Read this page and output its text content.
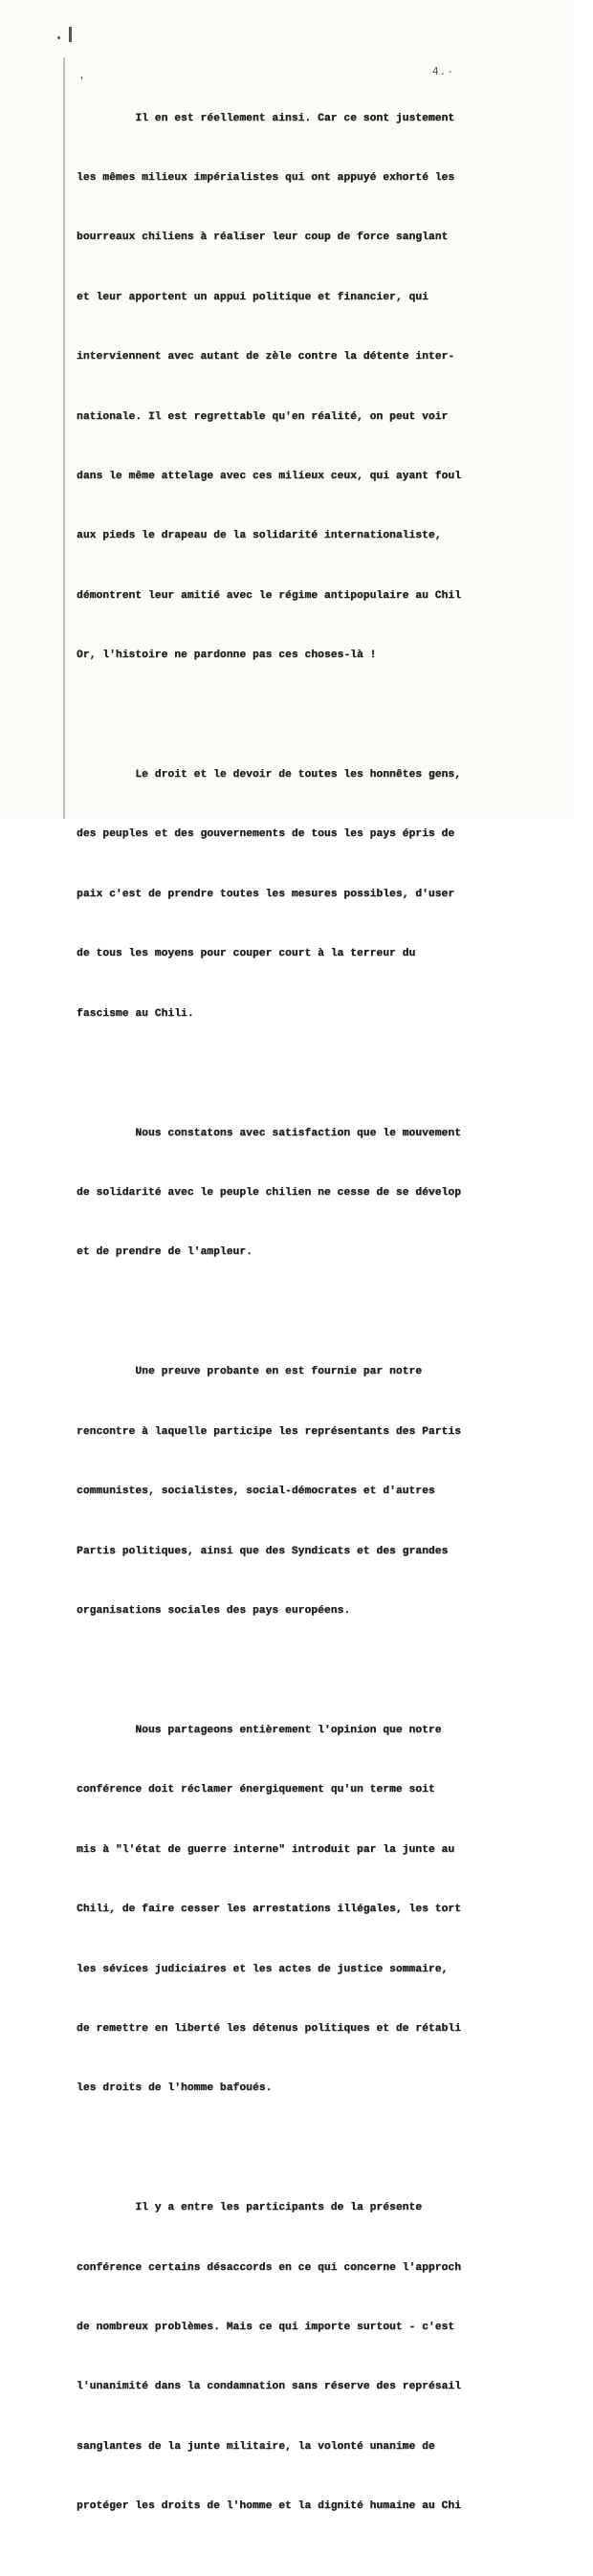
4.-
'

Il en est réellement ainsi. Car ce sont justement

les mêmes milieux impérialistes qui ont appuyé exhorté les

bourreaux chiliens à réaliser leur coup de force sanglant

et leur apportent un appui politique et financier, qui

interviennent avec autant de zèle contre la détente inter-

nationale. Il est regrettable qu'en réalité, on peut voir

dans le même attelage avec ces milieux ceux, qui ayant foul

aux pieds le drapeau de la solidarité internationaliste,

démontrent leur amitié avec le régime antipopulaire au Chil

Or, l'histoire ne pardonne pas ces choses-là !

Le droit et le devoir de toutes les honnêtes gens,

des peuples et des gouvernements de tous les pays épris de

paix c'est de prendre toutes les mesures possibles, d'user

de tous les moyens pour couper court à la terreur du

fascisme au Chili.

Nous constatons avec satisfaction que le mouvement

de solidarité avec le peuple chilien ne cesse de se dévelop

et de prendre de l'ampleur.

Une preuve probante en est fournie par notre

rencontre à laquelle participe les représentants des Partis

communistes, socialistes, social-démocrates et d'autres

Partis politiques, ainsi que des Syndicats et des grandes

organisations sociales des pays européens.

Nous partageons entièrement l'opinion que notre

conférence doit réclamer énergiquement qu'un terme soit

mis à "l'état de guerre interne" introduit par la junte au

Chili, de faire cesser les arrestations illégales, les tort

les sévices judiciaires et les actes de justice sommaire,

de remettre en liberté les détenus politiques et de rétabli

les droits de l'homme bafoués.

Il y a entre les participants de la présente

conférence certains désaccords en ce qui concerne l'approch

de nombreux problèmes. Mais ce qui importe surtout - c'est

l'unanimité dans la condamnation sans réserve des représail

sanglantes de la junte militaire, la volonté unanime de

protéger les droits de l'homme et la dignité humaine au Chi
